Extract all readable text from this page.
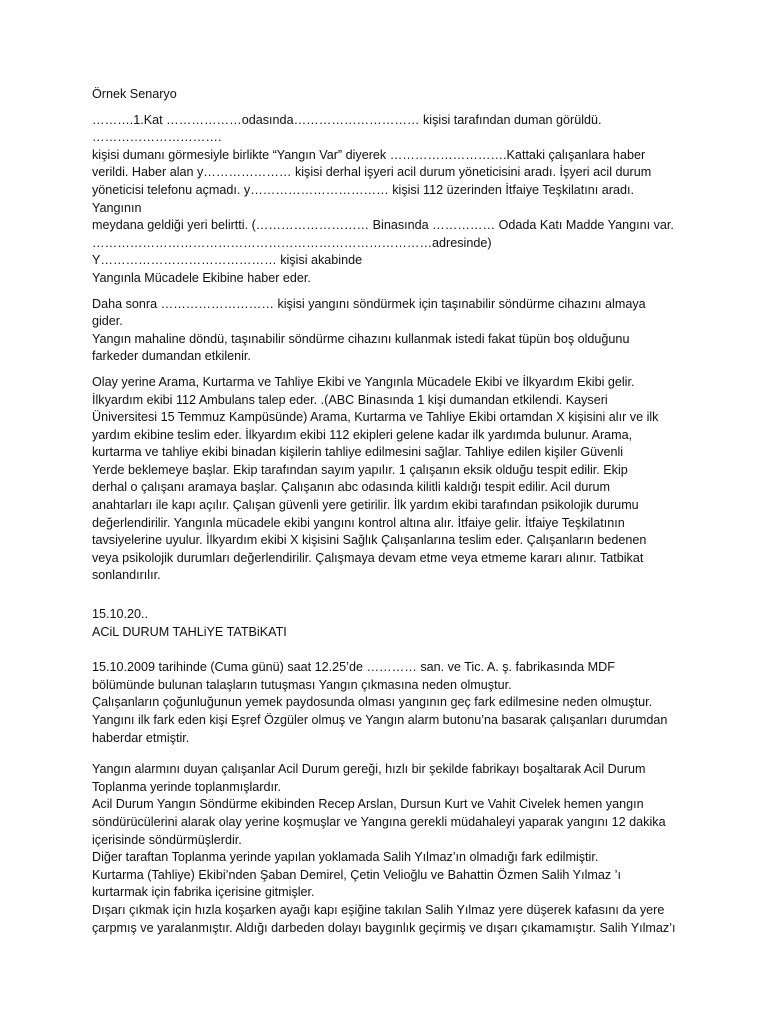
Örnek Senaryo

……….1.Kat ………………odasında………………………… kişisi tarafından duman görüldü. ………………………….
kişisi dumanı görmesiyle birlikte “Yangın Var” diyerek ……………………….Kattaki çalışanlara haber
verildi. Haber alan y………………… kişisi derhal işyeri acil durum yöneticisini aradı. İşyeri acil durum
yöneticisi telefonu açmadı. y…………………………… kişisi 112 üzerinden İtfaiye Teşkilatını aradı. Yangının
meydana geldiği yeri belirtti. (……………………… Binasında …………… Odada Katı Madde Yangını var.
………………………………………………………………………adresinde) Y…………………………………… kişisi akabinde
Yangınla Mücadele Ekibine haber eder.

Daha sonra ……………………… kişisi yangını söndürmek için taşınabilir söndürme cihazını almaya gider.
Yangın mahaline döndü, taşınabilir söndürme cihazını kullanmak istedi fakat tüpün boş olduğunu
farkeder dumandan etkilenir.

Olay yerine Arama, Kurtarma ve Tahliye Ekibi ve Yangınla Mücadele Ekibi ve İlkyardım Ekibi gelir.
İlkyardım ekibi 112 Ambulans talep eder. .(ABC Binasında 1 kişi dumandan etkilendi. Kayseri
Üniversitesi 15 Temmuz Kampüsünde) Arama, Kurtarma ve Tahliye Ekibi ortamdan X kişisini alır ve ilk
yardım ekibine teslim eder. İlkyardım ekibi 112 ekipleri gelene kadar ilk yardımda bulunur. Arama,
kurtarma ve tahliye ekibi binadan kişilerin tahliye edilmesini sağlar. Tahliye edilen kişiler Güvenli
Yerde beklemeye başlar. Ekip tarafından sayım yapılır. 1 çalışanın eksik olduğu tespit edilir. Ekip
derhal o çalışanı aramaya başlar. Çalışanın abc odasında kilitli kaldığı tespit edilir. Acil durum
anahtarları ile kapı açılır. Çalışan güvenli yere getirilir. İlk yardım ekibi tarafından psikolojik durumu
değerlendirilir. Yangınla mücadele ekibi yangını kontrol altına alır. İtfaiye gelir. İtfaiye Teşkilatının
tavsiyelerine uyulur. İlkyardım ekibi X kişisini Sağlık Çalışanlarına teslim eder. Çalışanların bedenen
veya psikolojik durumları değerlendirilir. Çalışmaya devam etme veya etmeme kararı alınır. Tatbikat
sonlandırılır.

15.10.20..

ACiL DURUM TAHLiYE TATBiKATI

15.10.2009 tarihinde (Cuma günü) saat 12.25’de ………… san. ve Tic. A. ş. fabrikasında MDF
bölümünde bulunan talaşların tutuşması Yangın çıkmasına neden olmuştur.
Çalışanların çoğunluğunun yemek paydosunda olması yangının geç fark edilmesine neden olmuştur.
Yangını ilk fark eden kişi Eşref Özgüler olmuş ve Yangın alarm butonu’na basarak çalışanları durumdan
haberdar etmiştir.

Yangın alarmını duyan çalışanlar Acil Durum gereği, hızlı bir şekilde fabrikayı boşaltarak Acil Durum
Toplanma yerinde toplanmışlardır.
Acil Durum Yangın Söndürme ekibinden Recep Arslan, Dursun Kurt ve Vahit Civelek hemen yangın
söndürücülerini alarak olay yerine koşmuşlar ve Yangına gerekli müdahaleyi yaparak yangını 12 dakika
içerisinde söndürmüşlerdir.
Diğer taraftan Toplanma yerinde yapılan yoklamada Salih Yılmaz’ın olmadığı fark edilmiştir.
Kurtarma (Tahliye) Ekibi’nden Şaban Demirel, Çetin Velioğlu ve Bahattin Özmen Salih Yılmaz ’ı
kurtarmak için fabrika içerisine gitmişler.
Dışarı çıkmak için hızla koşarken ayağı kapı eşiğine takılan Salih Yılmaz yere düşerek kafasını da yere
çarpmış ve yaralanmıştır. Aldığı darbeden dolayı baygınlık geçirmiş ve dışarı çıkamamıştır. Salih Yılmaz’ı
